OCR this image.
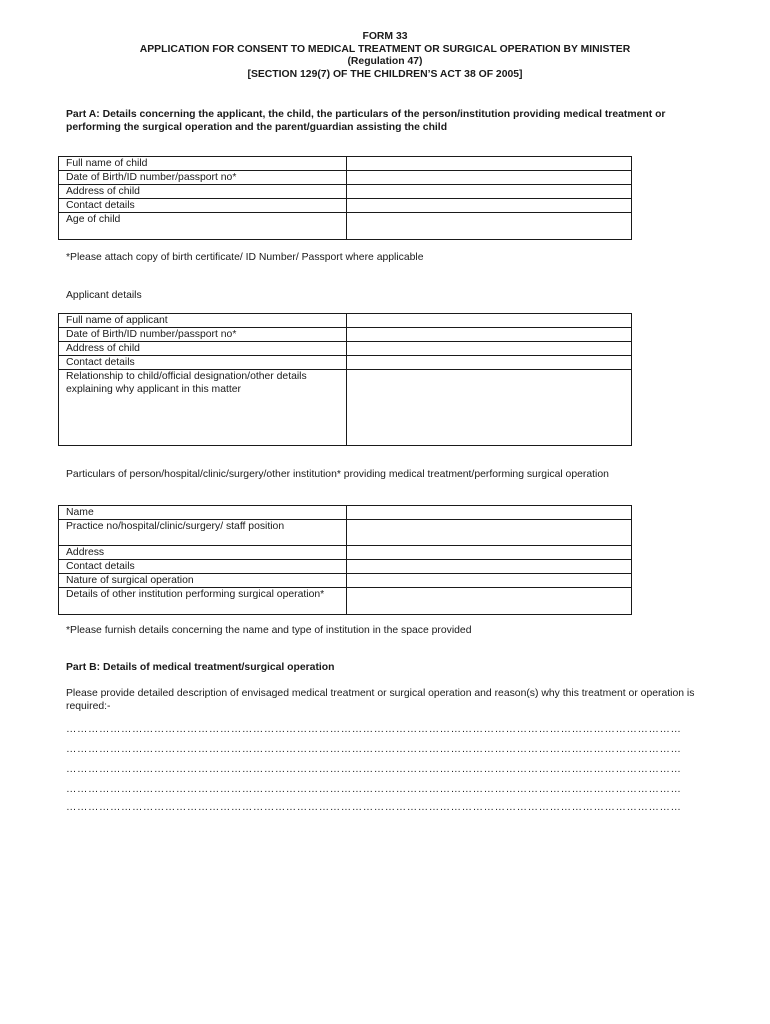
FORM 33
APPLICATION FOR CONSENT TO MEDICAL TREATMENT OR SURGICAL OPERATION BY MINISTER
(Regulation 47)
[SECTION 129(7) OF THE CHILDREN’S ACT 38 OF 2005]
Part A: Details concerning the applicant, the child, the particulars of the person/institution providing medical treatment or performing the surgical operation and the parent/guardian assisting the child
Full name of child	
Date of Birth/ID number/passport no*	
Address of child	
Contact details	
Age of child	
*Please attach copy of birth certificate/ ID Number/ Passport where applicable
Applicant details
Full name of applicant	
Date of Birth/ID number/passport no*	
Address of child	
Contact details	
Relationship to child/official designation/other details explaining why applicant in this matter	
Particulars of person/hospital/clinic/surgery/other institution* providing medical treatment/performing surgical operation
Name	
Practice no/hospital/clinic/surgery/ staff position	
Address	
Contact details	
Nature of surgical operation	
Details of other institution performing surgical operation*	
*Please furnish details concerning the name and type of institution in the space provided
Part B: Details of medical treatment/surgical operation
Please provide detailed description of envisaged medical treatment or surgical operation and reason(s) why this treatment or operation is required:-
……………………………………………………………………………………………………………………………………………………
……………………………………………………………………………………………………………………………………………………
……………………………………………………………………………………………………………………………………………………
……………………………………………………………………………………………………………………………………………………
……………………………………………………………………………………………………………………………………………………
